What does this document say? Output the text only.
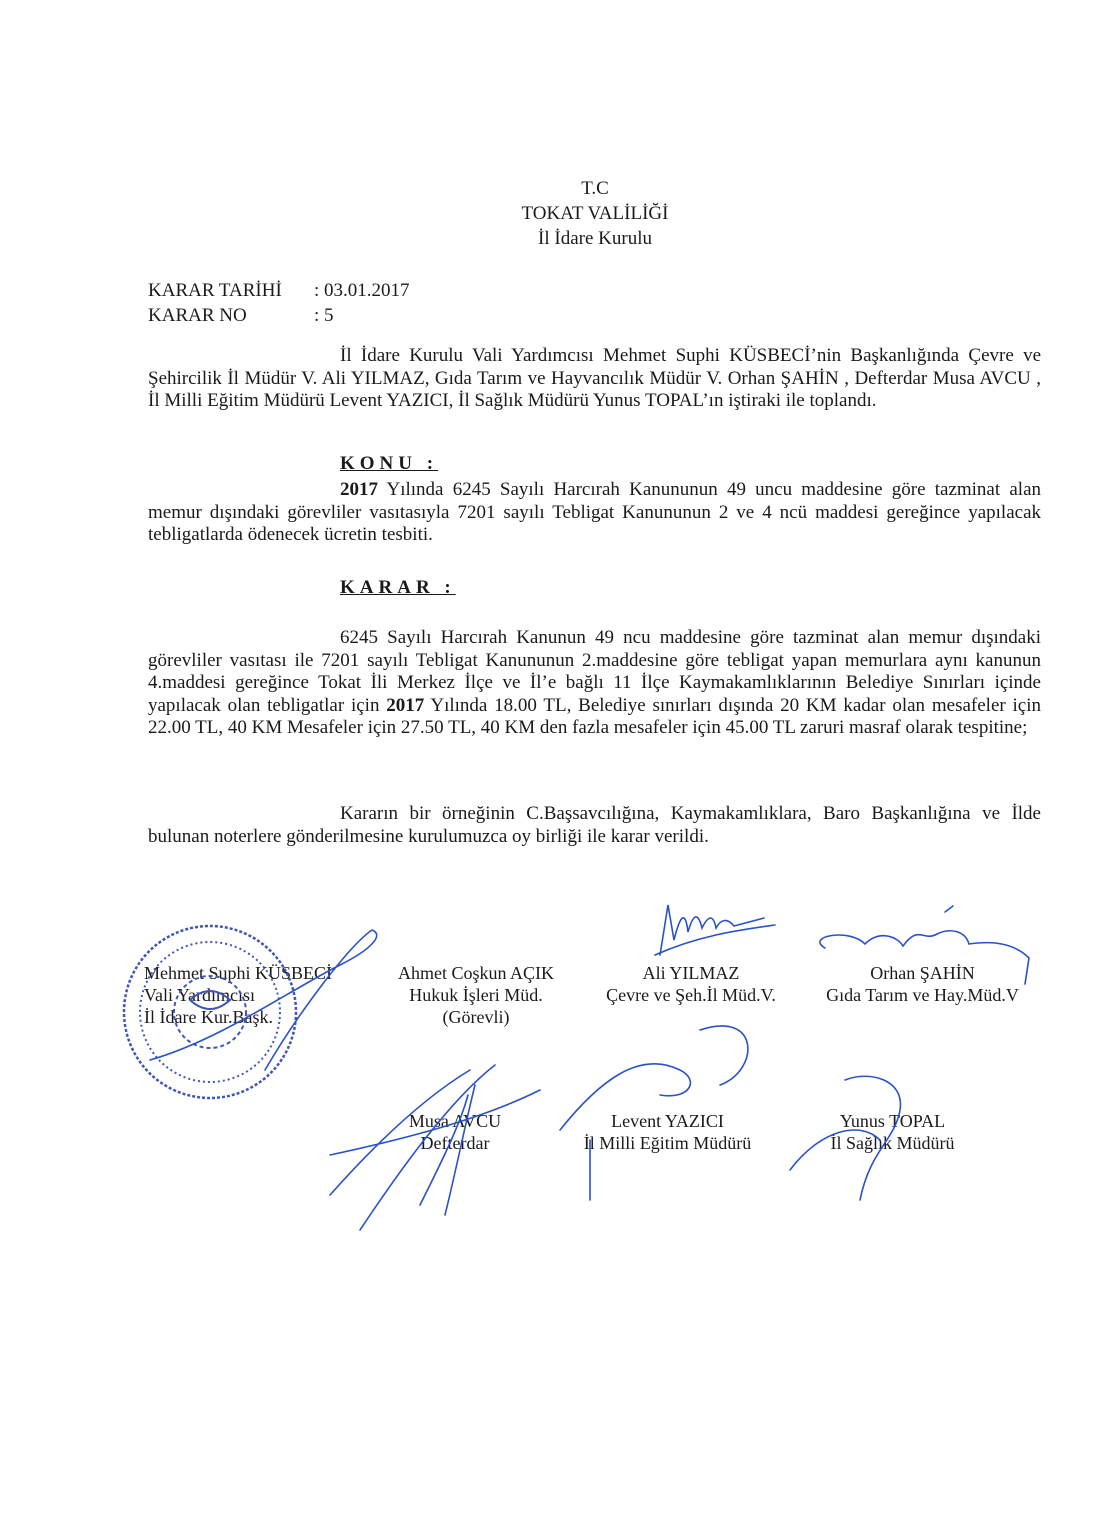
T.C
TOKAT VALİLİĞİ
İl İdare Kurulu
KARAR TARİHİ	: 03.01.2017
KARAR NO	: 5

İl İdare Kurulu Vali Yardımcısı Mehmet Suphi KÜSBECİ’nin Başkanlığında Çevre ve Şehircilik İl Müdür V. Ali YILMAZ, Gıda Tarım ve Hayvancılık Müdür V. Orhan ŞAHİN , Defterdar Musa AVCU , İl Milli Eğitim Müdürü Levent YAZICI, İl Sağlık Müdürü Yunus TOPAL’ın iştiraki ile toplandı.

KONU :

2017 Yılında 6245 Sayılı Harcırah Kanununun 49 uncu maddesine göre tazminat alan memur dışındaki görevliler vasıtasıyla 7201 sayılı Tebligat Kanununun 2 ve 4 ncü maddesi gereğince yapılacak tebligatlarda ödenecek ücretin tesbiti.

KARAR :

6245 Sayılı Harcırah Kanunun 49 ncu maddesine göre tazminat alan memur dışındaki görevliler vasıtası ile 7201 sayılı Tebligat Kanununun 2.maddesine göre tebligat yapan memurlara aynı kanunun 4.maddesi gereğince Tokat İli Merkez İlçe ve İl’e bağlı 11 İlçe Kaymakamlıklarının Belediye Sınırları içinde yapılacak olan tebligatlar için 2017 Yılında 18.00 TL, Belediye sınırları dışında 20 KM kadar olan mesafeler için 22.00 TL, 40 KM Mesafeler için 27.50 TL, 40 KM den fazla mesafeler için 45.00 TL zaruri masraf olarak tespitine;

Kararın bir örneğinin C.Başsavcılığına, Kaymakamlıklara, Baro Başkanlığına ve İlde bulunan noterlere gönderilmesine kurulumuzca oy birliği ile karar verildi.

Mehmet Suphi KÜSBECİ
Vali Yardımcısı
İl İdare Kur.Başk.
Ahmet Coşkun AÇIK
Hukuk İşleri Müd.
(Görevli)
Ali YILMAZ
Çevre ve Şeh.İl Müd.V.
Orhan ŞAHİN
Gıda Tarım ve Hay.Müd.V
Musa AVCU
Defterdar
Levent YAZICI
İl Milli Eğitim Müdürü
Yunus TOPAL
İl Sağlık Müdürü
